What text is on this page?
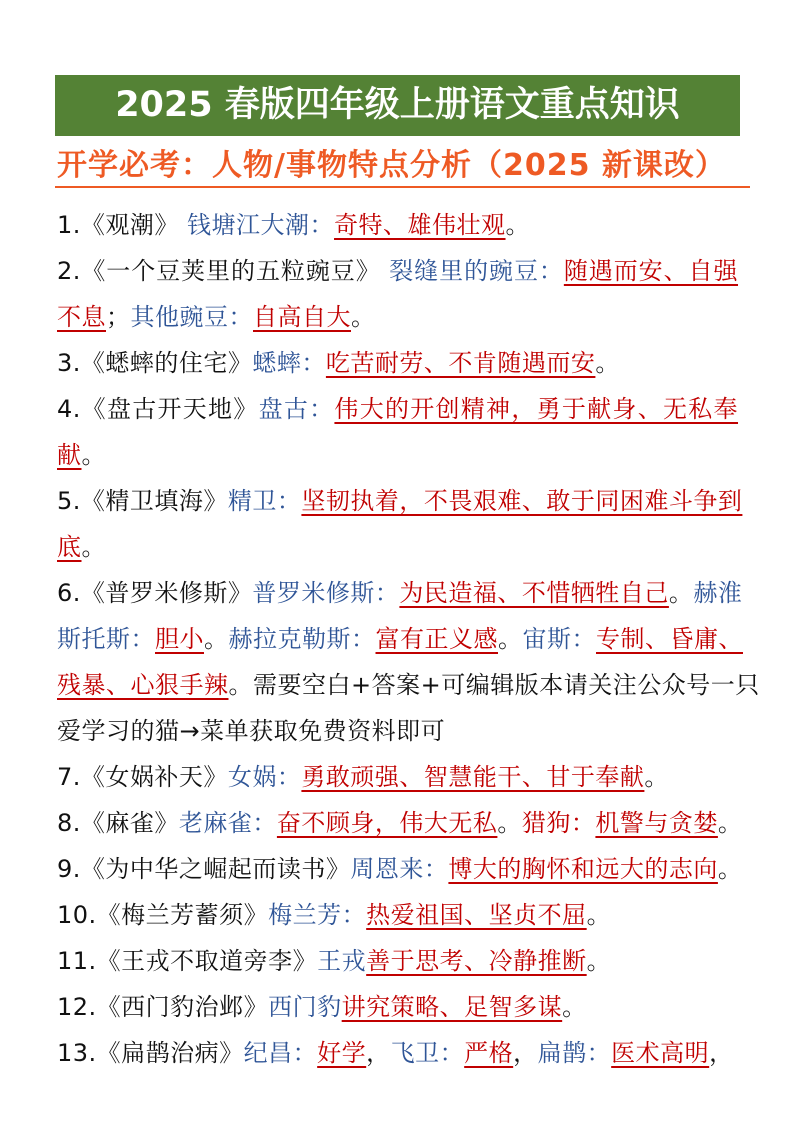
2025 春版四年级上册语文重点知识
开学必考：人物/事物特点分析（2025 新课改）
1.《观潮》 钱塘江大潮：奇特、雄伟壮观。
2.《一个豆荚里的五粒豌豆》 裂缝里的豌豆：随遇而安、自强
不息；其他豌豆：自高自大。
3.《蟋蟀的住宅》蟋蟀：吃苦耐劳、不肯随遇而安。
4.《盘古开天地》盘古：伟大的开创精神，勇于献身、无私奉
献。
5.《精卫填海》精卫：坚韧执着，不畏艰难、敢于同困难斗争到
底。
6.《普罗米修斯》普罗米修斯：为民造福、不惜牺牲自己。赫淮
斯托斯：胆小。赫拉克勒斯：富有正义感。宙斯：专制、昏庸、
残暴、心狠手辣。需要空白+答案+可编辑版本请关注公众号一只
爱学习的猫→菜单获取免费资料即可
7.《女娲补天》女娲：勇敢顽强、智慧能干、甘于奉献。
8.《麻雀》老麻雀：奋不顾身，伟大无私。猎狗：机警与贪婪。
9.《为中华之崛起而读书》周恩来：博大的胸怀和远大的志向。
10.《梅兰芳蓄须》梅兰芳：热爱祖国、坚贞不屈。
11.《王戎不取道旁李》王戎善于思考、冷静推断。
12.《西门豹治邺》西门豹讲究策略、足智多谋。
13.《扁鹊治病》纪昌：好学，飞卫：严格，扁鹊：医术高明，
